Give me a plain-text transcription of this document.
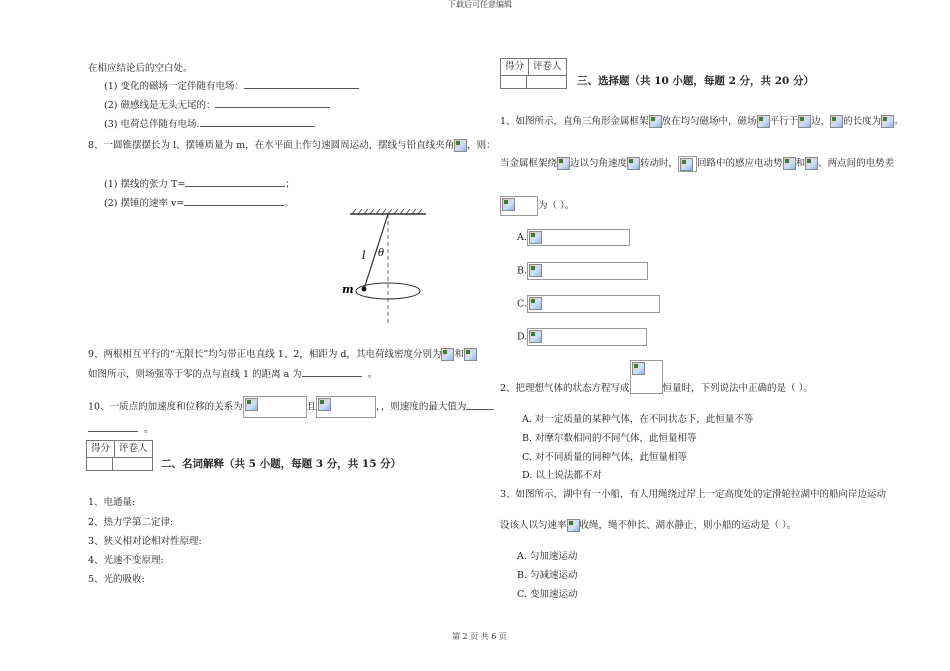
下载后可任意编辑
第 2 页 共 6 页
在相应结论后的空白处。
(1) 变化的磁场一定伴随有电场：
(2) 磁感线是无头无尾的：
(3) 电荷总伴随有电场.
8、一圆锥摆摆长为 l、摆锤质量为 m，在水平面上作匀速圆周运动，摆线与铅直线夹角 ，则：
(1) 摆线的张力 T=	；
(2) 摆锤的速率 v=	。
l θ
m
9、两根相互平行的“无限长”均匀带正电直线 1、2，相距为 d，其电荷线密度分别为 和
如图所示，则场强等于零的点与直线 1 的距离 a 为	。
10、一质点的加速度和位移的关系为	且	，，则速度的最大值为
。
得分 评卷人
二、名词解释（共 5 小题，每题 3 分，共 15 分）
1、电通量:
2、热力学第二定律:
3、狭义相对论相对性原理:
4、光速不变原理:
5、光的吸收:
得分 评卷人
三、选择题（共 10 小题，每题 2 分，共 20 分）
1、如图所示，直角三角形金属框架 放在均匀磁场中，磁场 平行于 边， 的长度为 。
当金属框架绕 边以匀角速度 转动时， 回路中的感应电动势 和 、两点间的电势差
为（ ）。
A.
B.
C.
D.
2、把理想气体的状态方程写成	恒量时，下列说法中正确的是（ ）。
A. 对一定质量的某种气体，在不同状态下，此恒量不等
B. 对摩尔数相同的不同气体，此恒量相等
C. 对不同质量的同种气体，此恒量相等
D. 以上说法都不对
3、如图所示，湖中有一小船，有人用绳绕过岸上一定高度处的定滑轮拉湖中的船向岸边运动
设该人以匀速率 收绳，绳不伸长、湖水静止，则小船的运动是（ ）。
A. 匀加速运动
B. 匀减速运动
C. 变加速运动
